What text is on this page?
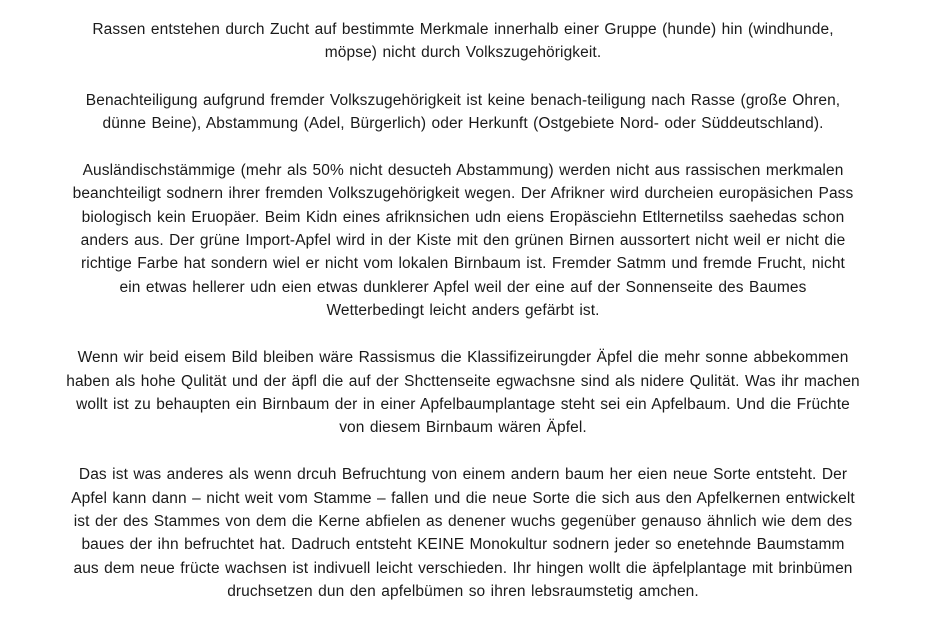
Rassen entstehen durch Zucht auf bestimmte Merkmale innerhalb einer Gruppe (hunde) hin (windhunde,
möpse) nicht durch Volkszugehörigkeit.

Benachteiligung aufgrund fremder Volkszugehörigkeit ist keine benach-teiligung nach Rasse (große Ohren,
dünne Beine), Abstammung (Adel, Bürgerlich) oder Herkunft (Ostgebiete Nord- oder Süddeutschland).

Ausländischstämmige (mehr als 50% nicht desucteh Abstammung) werden nicht aus rassischen merkmalen
beanchteiligt sodnern ihrer fremden Volkszugehörigkeit wegen. Der Afrikner wird durcheien europäsichen Pass
biologisch kein Eruopäer. Beim Kidn eines afriknsichen udn eiens Eropäsciehn Etlternetilss saehedas schon
anders aus. Der grüne Import-Apfel wird in der Kiste mit den grünen Birnen aussortert nicht weil er nicht die
richtige Farbe hat sondern wiel er nicht vom lokalen Birnbaum ist. Fremder Satmm und fremde Frucht, nicht
ein etwas hellerer udn eien etwas dunklerer Apfel weil der eine auf der Sonnenseite des Baumes
Wetterbedingt leicht anders gefärbt ist.

Wenn wir beid eisem Bild bleiben wäre Rassismus die Klassifizeirungder Äpfel die mehr sonne abbekommen
haben als hohe Qulität und der äpfl die auf der Shcttenseite egwachsne sind als nidere Qulität. Was ihr machen
wollt ist zu behaupten ein Birnbaum der in einer Apfelbaumplantage steht sei ein Apfelbaum. Und die Früchte
von diesem Birnbaum wären Äpfel.

Das ist was anderes als wenn drcuh Befruchtung von einem andern baum her eien neue Sorte entsteht. Der
Apfel kann dann – nicht weit vom Stamme – fallen und die neue Sorte die sich aus den Apfelkernen entwickelt
ist der des Stammes von dem die Kerne abfielen as denener wuchs gegenüber genauso ähnlich wie dem des
baues der ihn befruchtet hat. Dadruch entsteht KEINE Monokultur sodnern jeder so enetehnde Baumstamm
aus dem neue frücte wachsen ist indivuell leicht verschieden. Ihr hingen wollt die äpfelplantage mit brinbümen
druchsetzen dun den apfelbümen so ihren lebsraumstetig amchen.
